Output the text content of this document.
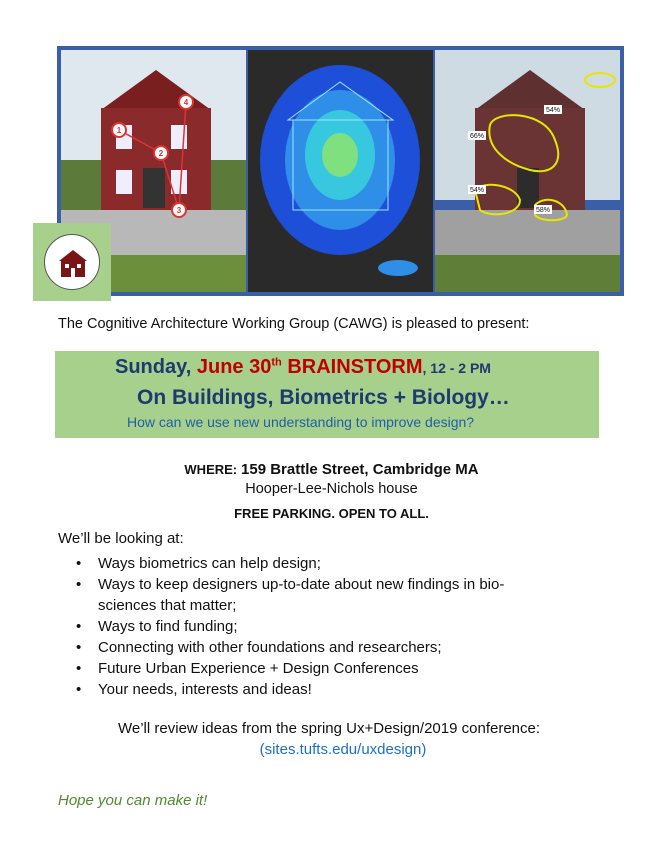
1
2
3
4
54%
66%
54%
58%
The Cognitive Architecture Working Group (CAWG) is pleased to present:
Sunday, June 30th BRAINSTORM, 12 - 2 PM
On Buildings, Biometrics + Biology…
How can we use new understanding to improve design?
WHERE: 159 Brattle Street, Cambridge MA
Hooper-Lee-Nichols house
FREE PARKING. OPEN TO ALL.
We’ll be looking at:
• Ways biometrics can help design;
• Ways to keep designers up-to-date about new findings in bio-
sciences that matter;
• Ways to find funding;
• Connecting with other foundations and researchers;
• Future Urban Experience + Design Conferences
• Your needs, interests and ideas!
We’ll review ideas from the spring Ux+Design/2019 conference:
(sites.tufts.edu/uxdesign)
Hope you can make it!
